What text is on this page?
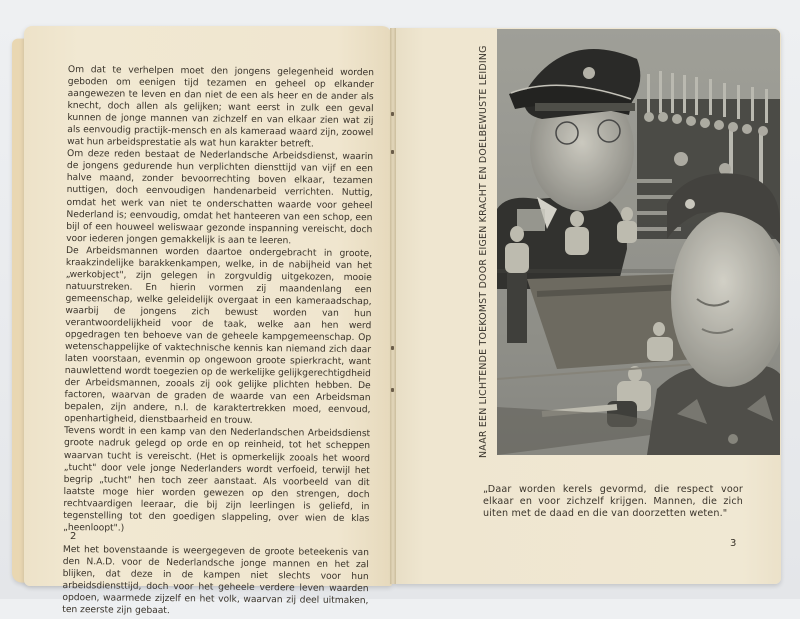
Om dat te verhelpen moet den jongens gelegenheid worden geboden om eenigen tijd tezamen en geheel op elkander aangewezen te leven en dan niet de een als heer en de ander als knecht, doch allen als gelijken; want eerst in zulk een geval kunnen de jonge mannen van zichzelf en van elkaar zien wat zij als eenvoudig practijk-mensch en als kameraad waard zijn, zoowel wat hun arbeidsprestatie als wat hun karakter betreft.

Om deze reden bestaat de Nederlandsche Arbeidsdienst, waarin de jongens gedurende hun verplichten diensttijd van vijf en een halve maand, zonder bevoorrechting boven elkaar, tezamen nuttigen, doch eenvoudigen handenarbeid verrichten. Nuttig, omdat het werk van niet te onderschatten waarde voor geheel Nederland is; eenvoudig, omdat het hanteeren van een schop, een bijl of een houweel weliswaar gezonde inspanning vereischt, doch voor iederen jongen gemakkelijk is aan te leeren.

De Arbeidsmannen worden daartoe ondergebracht in groote, kraakzindelijke barakkenkampen, welke, in de nabijheid van het „werkobject", zijn gelegen in zorgvuldig uitgekozen, mooie natuurstreken. En hierin vormen zij maandenlang een gemeenschap, welke geleidelijk overgaat in een kameraadschap, waarbij de jongens zich bewust worden van hun verantwoordelijkheid voor de taak, welke aan hen werd opgedragen ten behoeve van de geheele kampgemeenschap. Op wetenschappelijke of vaktechnische kennis kan niemand zich daar laten voorstaan, evenmin op ongewoon groote spierkracht, want nauwlettend wordt toegezien op de werkelijke gelijkgerechtigdheid der Arbeidsmannen, zooals zij ook gelijke plichten hebben. De factoren, waarvan de graden de waarde van een Arbeidsman bepalen, zijn andere, n.l. de karaktertrekken moed, eenvoud, openhartigheid, dienstbaarheid en trouw.

Tevens wordt in een kamp van den Nederlandschen Arbeidsdienst groote nadruk gelegd op orde en op reinheid, tot het scheppen waarvan tucht is vereischt. (Het is opmerkelijk zooals het woord „tucht" door vele jonge Nederlanders wordt verfoeid, terwijl het begrip „tucht" hen toch zeer aanstaat. Als voorbeeld van dit laatste moge hier worden gewezen op den strengen, doch rechtvaardigen leeraar, die bij zijn leerlingen is geliefd, in tegenstelling tot den goedigen slappeling, over wien de klas „heenloopt".)

Met het bovenstaande is weergegeven de groote beteekenis van den N.A.D. voor de Nederlandsche jonge mannen en het zal blijken, dat deze in de kampen niet slechts voor hun arbeidsdiensttijd, doch voor het geheele verdere leven waarden opdoen, waarmede zijzelf en het volk, waarvan zij deel uitmaken, ten zeerste zijn gebaat.

2
NAAR EEN LICHTENDE TOEKOMST DOOR EIGEN KRACHT EN DOELBEWUSTE LEIDING
„Daar worden kerels gevormd, die respect voor elkaar en voor zichzelf krijgen. Mannen, die zich uiten met de daad en die van doorzetten weten."
3
